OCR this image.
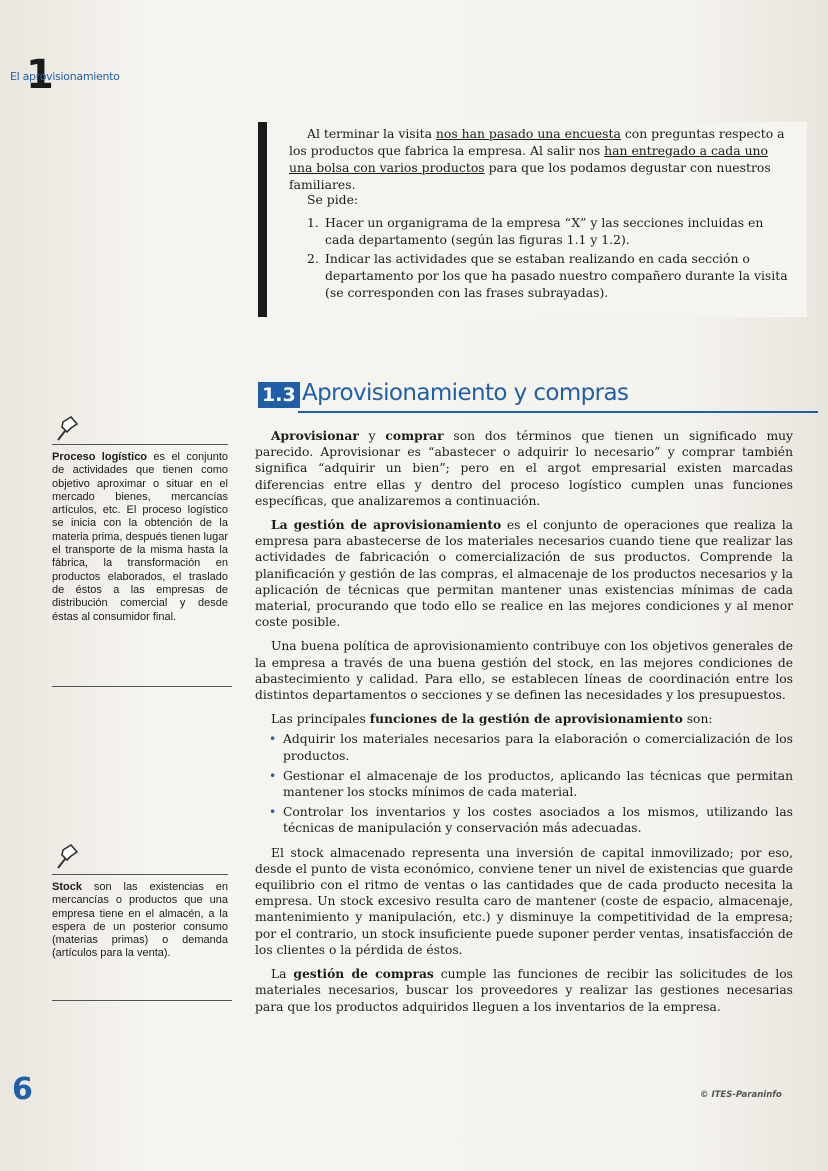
1
El aprovisionamiento

Al terminar la visita nos han pasado una encuesta con preguntas respecto a los productos que fabrica la empresa. Al salir nos han entregado a cada uno una bolsa con varios productos para que los podamos degustar con nuestros familiares.

Se pide:

1. Hacer un organigrama de la empresa “X” y las secciones incluidas en cada departamento (según las figuras 1.1 y 1.2).
2. Indicar las actividades que se estaban realizando en cada sección o departamento por los que ha pasado nuestro compañero durante la visita (se corresponden con las frases subrayadas).
1.3 Aprovisionamiento y compras

Aprovisionar y comprar son dos términos que tienen un significado muy parecido. Aprovisionar es “abastecer o adquirir lo necesario” y comprar también significa “adquirir un bien”; pero en el argot empresarial existen marcadas diferencias entre ellas y dentro del proceso logístico cumplen unas funciones específicas, que analizaremos a continuación.

La gestión de aprovisionamiento es el conjunto de operaciones que realiza la empresa para abastecerse de los materiales necesarios cuando tiene que realizar las actividades de fabricación o comercialización de sus productos. Comprende la planificación y gestión de las compras, el almacenaje de los productos necesarios y la aplicación de técnicas que permitan mantener unas existencias mínimas de cada material, procurando que todo ello se realice en las mejores condiciones y al menor coste posible.

Una buena política de aprovisionamiento contribuye con los objetivos generales de la empresa a través de una buena gestión del stock, en las mejores condiciones de abastecimiento y calidad. Para ello, se establecen líneas de coordinación entre los distintos departamentos o secciones y se definen las necesidades y los presupuestos.

Las principales funciones de la gestión de aprovisionamiento son:

• Adquirir los materiales necesarios para la elaboración o comercialización de los productos.
• Gestionar el almacenaje de los productos, aplicando las técnicas que permitan mantener los stocks mínimos de cada material.
• Controlar los inventarios y los costes asociados a los mismos, utilizando las técnicas de manipulación y conservación más adecuadas.

El stock almacenado representa una inversión de capital inmovilizado; por eso, desde el punto de vista económico, conviene tener un nivel de existencias que guarde equilibrio con el ritmo de ventas o las cantidades que de cada producto necesita la empresa. Un stock excesivo resulta caro de mantener (coste de espacio, almacenaje, mantenimiento y manipulación, etc.) y disminuye la competitividad de la empresa; por el contrario, un stock insuficiente puede suponer perder ventas, insatisfacción de los clientes o la pérdida de éstos.

La gestión de compras cumple las funciones de recibir las solicitudes de los materiales necesarios, buscar los proveedores y realizar las gestiones necesarias para que los productos adquiridos lleguen a los inventarios de la empresa.

Proceso logístico es el conjunto de actividades que tienen como objetivo aproximar o situar en el mercado bienes, mercancías artículos, etc. El proceso logístico se inicia con la obtención de la materia prima, después tienen lugar el transporte de la misma hasta la fábrica, la transformación en productos elaborados, el traslado de éstos a las empresas de distribución comercial y desde éstas al consumidor final.
Stock son las existencias en mercancías o productos que una empresa tiene en el almacén, a la espera de un posterior consumo (materias primas) o demanda (artículos para la venta).
6	© ITES-Paraninfo
